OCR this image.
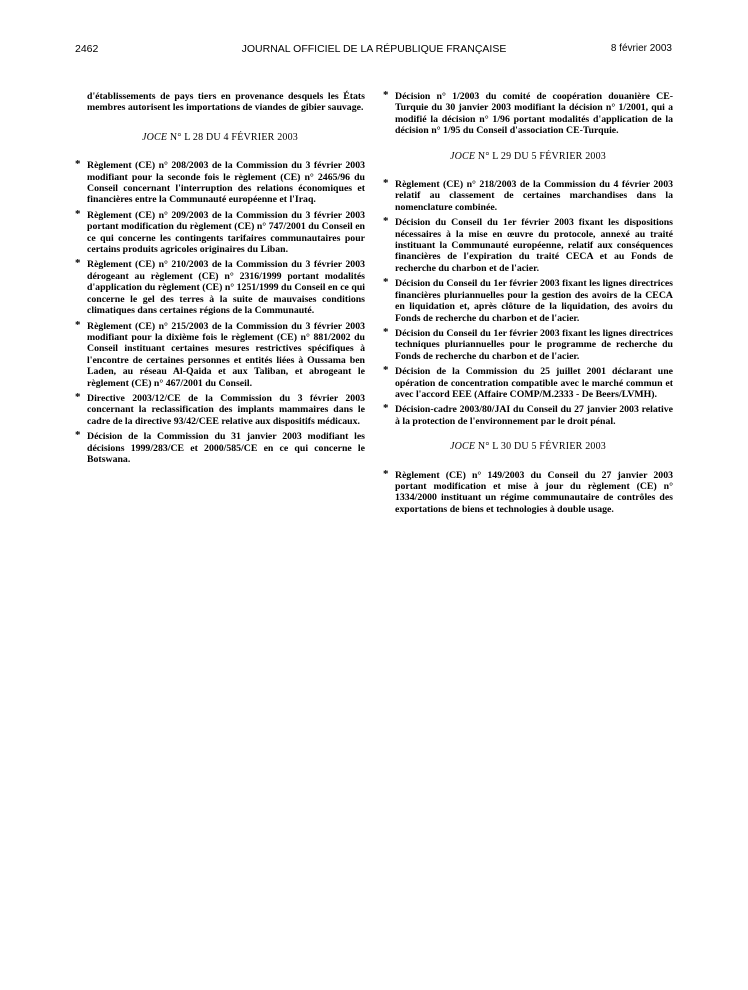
JOURNAL OFFICIEL DE LA RÉPUBLIQUE FRANÇAISE
2462	8 février 2003
d'établissements de pays tiers en provenance desquels les États membres autorisent les importations de viandes de gibier sauvage.
JOCE N° L 28 DU 4 FÉVRIER 2003
* Règlement (CE) n° 208/2003 de la Commission du 3 février 2003 modifiant pour la seconde fois le règlement (CE) n° 2465/96 du Conseil concernant l'interruption des relations économiques et financières entre la Communauté européenne et l'Iraq.
* Règlement (CE) n° 209/2003 de la Commission du 3 février 2003 portant modification du règlement (CE) n° 747/2001 du Conseil en ce qui concerne les contingents tarifaires communautaires pour certains produits agricoles originaires du Liban.
* Règlement (CE) n° 210/2003 de la Commission du 3 février 2003 dérogeant au règlement (CE) n° 2316/1999 portant modalités d'application du règlement (CE) n° 1251/1999 du Conseil en ce qui concerne le gel des terres à la suite de mauvaises conditions climatiques dans certaines régions de la Communauté.
* Règlement (CE) n° 215/2003 de la Commission du 3 février 2003 modifiant pour la dixième fois le règlement (CE) n° 881/2002 du Conseil instituant certaines mesures restrictives spécifiques à l'encontre de certaines personnes et entités liées à Oussama ben Laden, au réseau Al-Qaida et aux Taliban, et abrogeant le règlement (CE) n° 467/2001 du Conseil.
* Directive 2003/12/CE de la Commission du 3 février 2003 concernant la reclassification des implants mammaires dans le cadre de la directive 93/42/CEE relative aux dispositifs médicaux.
* Décision de la Commission du 31 janvier 2003 modifiant les décisions 1999/283/CE et 2000/585/CE en ce qui concerne le Botswana.
* Décision n° 1/2003 du comité de coopération douanière CE-Turquie du 30 janvier 2003 modifiant la décision n° 1/2001, qui a modifié la décision n° 1/96 portant modalités d'application de la décision n° 1/95 du Conseil d'association CE-Turquie.
JOCE N° L 29 DU 5 FÉVRIER 2003
* Règlement (CE) n° 218/2003 de la Commission du 4 février 2003 relatif au classement de certaines marchandises dans la nomenclature combinée.
* Décision du Conseil du 1er février 2003 fixant les dispositions nécessaires à la mise en œuvre du protocole, annexé au traité instituant la Communauté européenne, relatif aux conséquences financières de l'expiration du traité CECA et au Fonds de recherche du charbon et de l'acier.
* Décision du Conseil du 1er février 2003 fixant les lignes directrices financières pluriannuelles pour la gestion des avoirs de la CECA en liquidation et, après clôture de la liquidation, des avoirs du Fonds de recherche du charbon et de l'acier.
* Décision du Conseil du 1er février 2003 fixant les lignes directrices techniques pluriannuelles pour le programme de recherche du Fonds de recherche du charbon et de l'acier.
* Décision de la Commission du 25 juillet 2001 déclarant une opération de concentration compatible avec le marché commun et avec l'accord EEE (Affaire COMP/M.2333 - De Beers/LVMH).
* Décision-cadre 2003/80/JAI du Conseil du 27 janvier 2003 relative à la protection de l'environnement par le droit pénal.
JOCE N° L 30 DU 5 FÉVRIER 2003
* Règlement (CE) n° 149/2003 du Conseil du 27 janvier 2003 portant modification et mise à jour du règlement (CE) n° 1334/2000 instituant un régime communautaire de contrôles des exportations de biens et technologies à double usage.
